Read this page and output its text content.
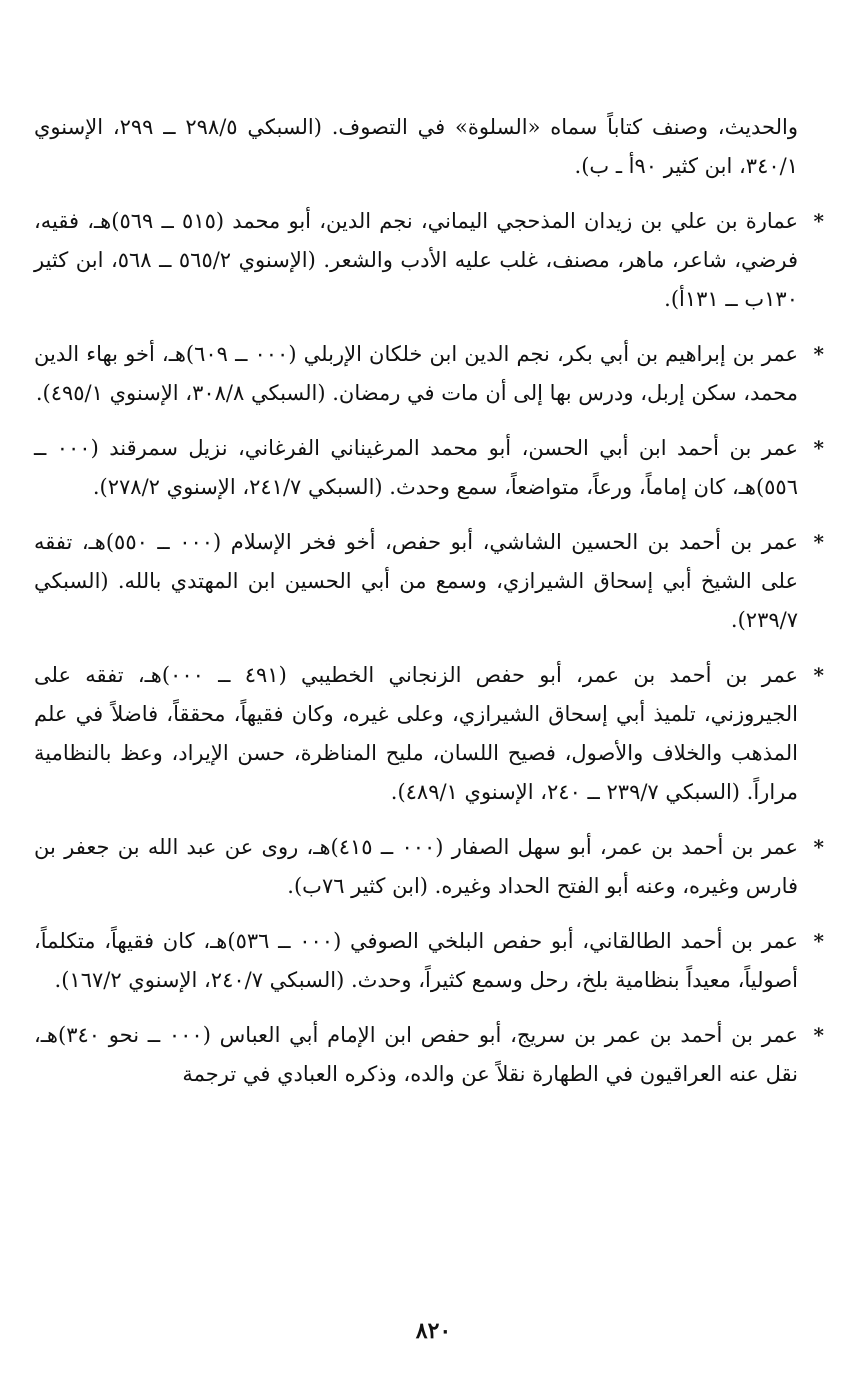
والحديث، وصنف كتاباً سماه «السلوة» في التصوف. (السبكي ٢٩٨/٥ ــ ٢٩٩، الإسنوي ٣٤٠/١، ابن كثير ٩٠أ ـ ب).

*
عمارة بن علي بن زيدان المذحجي اليماني، نجم الدين، أبو محمد (٥١٥ ــ ٥٦٩)هـ، فقيه، فرضي، شاعر، ماهر، مصنف، غلب عليه الأدب والشعر. (الإسنوي ٥٦٥/٢ ــ ٥٦٨، ابن كثير ١٣٠ب ــ ١٣١أ).

*
عمر بن إبراهيم بن أبي بكر، نجم الدين ابن خلكان الإربلي (٠٠٠ ــ ٦٠٩)هـ، أخو بهاء الدين محمد، سكن إربل، ودرس بها إلى أن مات في رمضان. (السبكي ٣٠٨/٨، الإسنوي ٤٩٥/١).

*
عمر بن أحمد ابن أبي الحسن، أبو محمد المرغيناني الفرغاني، نزيل سمرقند (٠٠٠ ــ ٥٥٦)هـ، كان إماماً، ورعاً، متواضعاً، سمع وحدث. (السبكي ٢٤١/٧، الإسنوي ٢٧٨/٢).

*
عمر بن أحمد بن الحسين الشاشي، أبو حفص، أخو فخر الإسلام (٠٠٠ ــ ٥٥٠)هـ، تفقه على الشيخ أبي إسحاق الشيرازي، وسمع من أبي الحسين ابن المهتدي بالله. (السبكي ٢٣٩/٧).

*
عمر بن أحمد بن عمر، أبو حفص الزنجاني الخطيبي (٤٩١ ــ ٠٠٠)هـ، تفقه على الجيروزني، تلميذ أبي إسحاق الشيرازي، وعلى غيره، وكان فقيهاً، محققاً، فاضلاً في علم المذهب والخلاف والأصول، فصيح اللسان، مليح المناظرة، حسن الإيراد، وعظ بالنظامية مراراً. (السبكي ٢٣٩/٧ ــ ٢٤٠، الإسنوي ٤٨٩/١).

*
عمر بن أحمد بن عمر، أبو سهل الصفار (٠٠٠ ــ ٤١٥)هـ، روى عن عبد الله بن جعفر بن فارس وغيره، وعنه أبو الفتح الحداد وغيره. (ابن كثير ٧٦ب).

*
عمر بن أحمد الطالقاني، أبو حفص البلخي الصوفي (٠٠٠ ــ ٥٣٦)هـ، كان فقيهاً، متكلماً، أصولياً، معيداً بنظامية بلخ، رحل وسمع كثيراً، وحدث. (السبكي ٢٤٠/٧، الإسنوي ١٦٧/٢).

*
عمر بن أحمد بن عمر بن سريج، أبو حفص ابن الإمام أبي العباس (٠٠٠ ــ نحو ٣٤٠)هـ، نقل عنه العراقيون في الطهارة نقلاً عن والده، وذكره العبادي في ترجمة

٨٢٠
